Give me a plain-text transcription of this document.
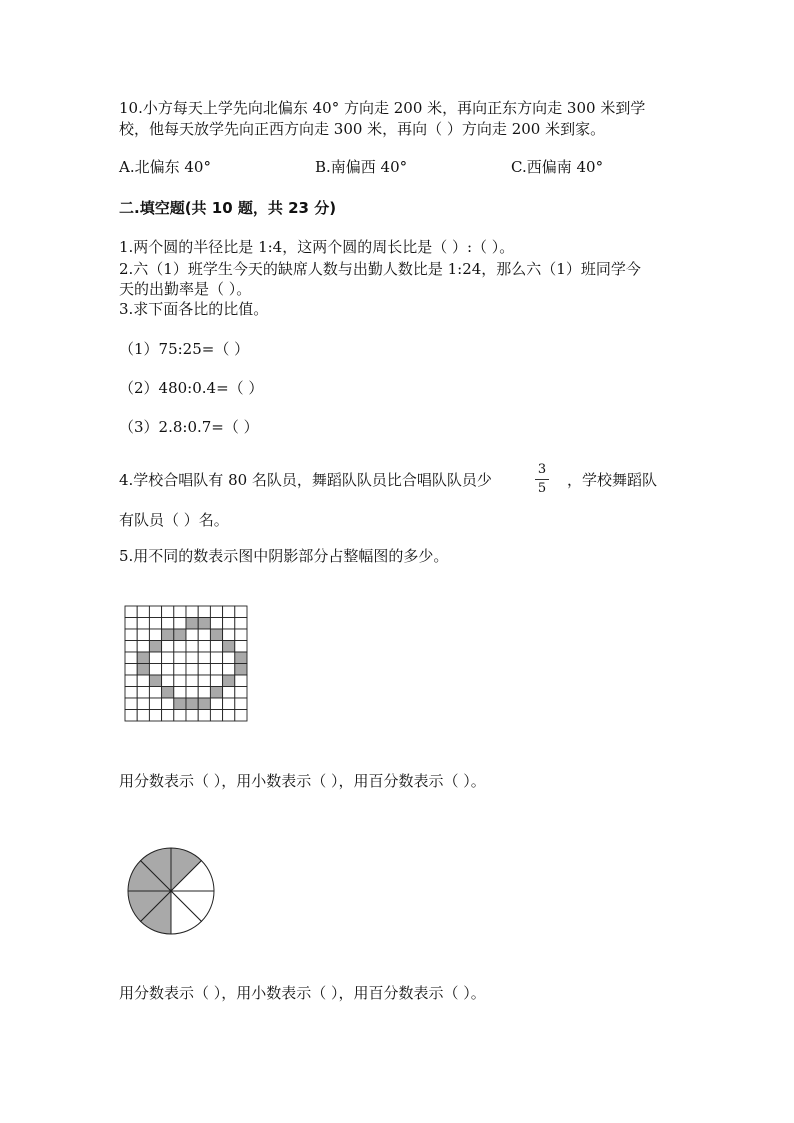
10.小方每天上学先向北偏东 40° 方向走 200 米，再向正东方向走 300 米到学
校，他每天放学先向正西方向走 300 米，再向（ ）方向走 200 米到家。
A.北偏东 40°	B.南偏西 40°	C.西偏南 40°
二.填空题(共 10 题，共 23 分)
1.两个圆的半径比是 1:4，这两个圆的周长比是（ ）:（ ）。
2.六（1）班学生今天的缺席人数与出勤人数比是 1:24，那么六（1）班同学今
天的出勤率是（ ）。
3.求下面各比的比值。
（1）75:25=（ ）
（2）480:0.4=（ ）
（3）2.8:0.7=（ ）
4.学校合唱队有 80 名队员，舞蹈队队员比合唱队队员少
3
5 ，学校舞蹈队
有队员（ ）名。
5.用不同的数表示图中阴影部分占整幅图的多少。
用分数表示（ ），用小数表示（ ），用百分数表示（ ）。
用分数表示（ ），用小数表示（ ），用百分数表示（ ）。
